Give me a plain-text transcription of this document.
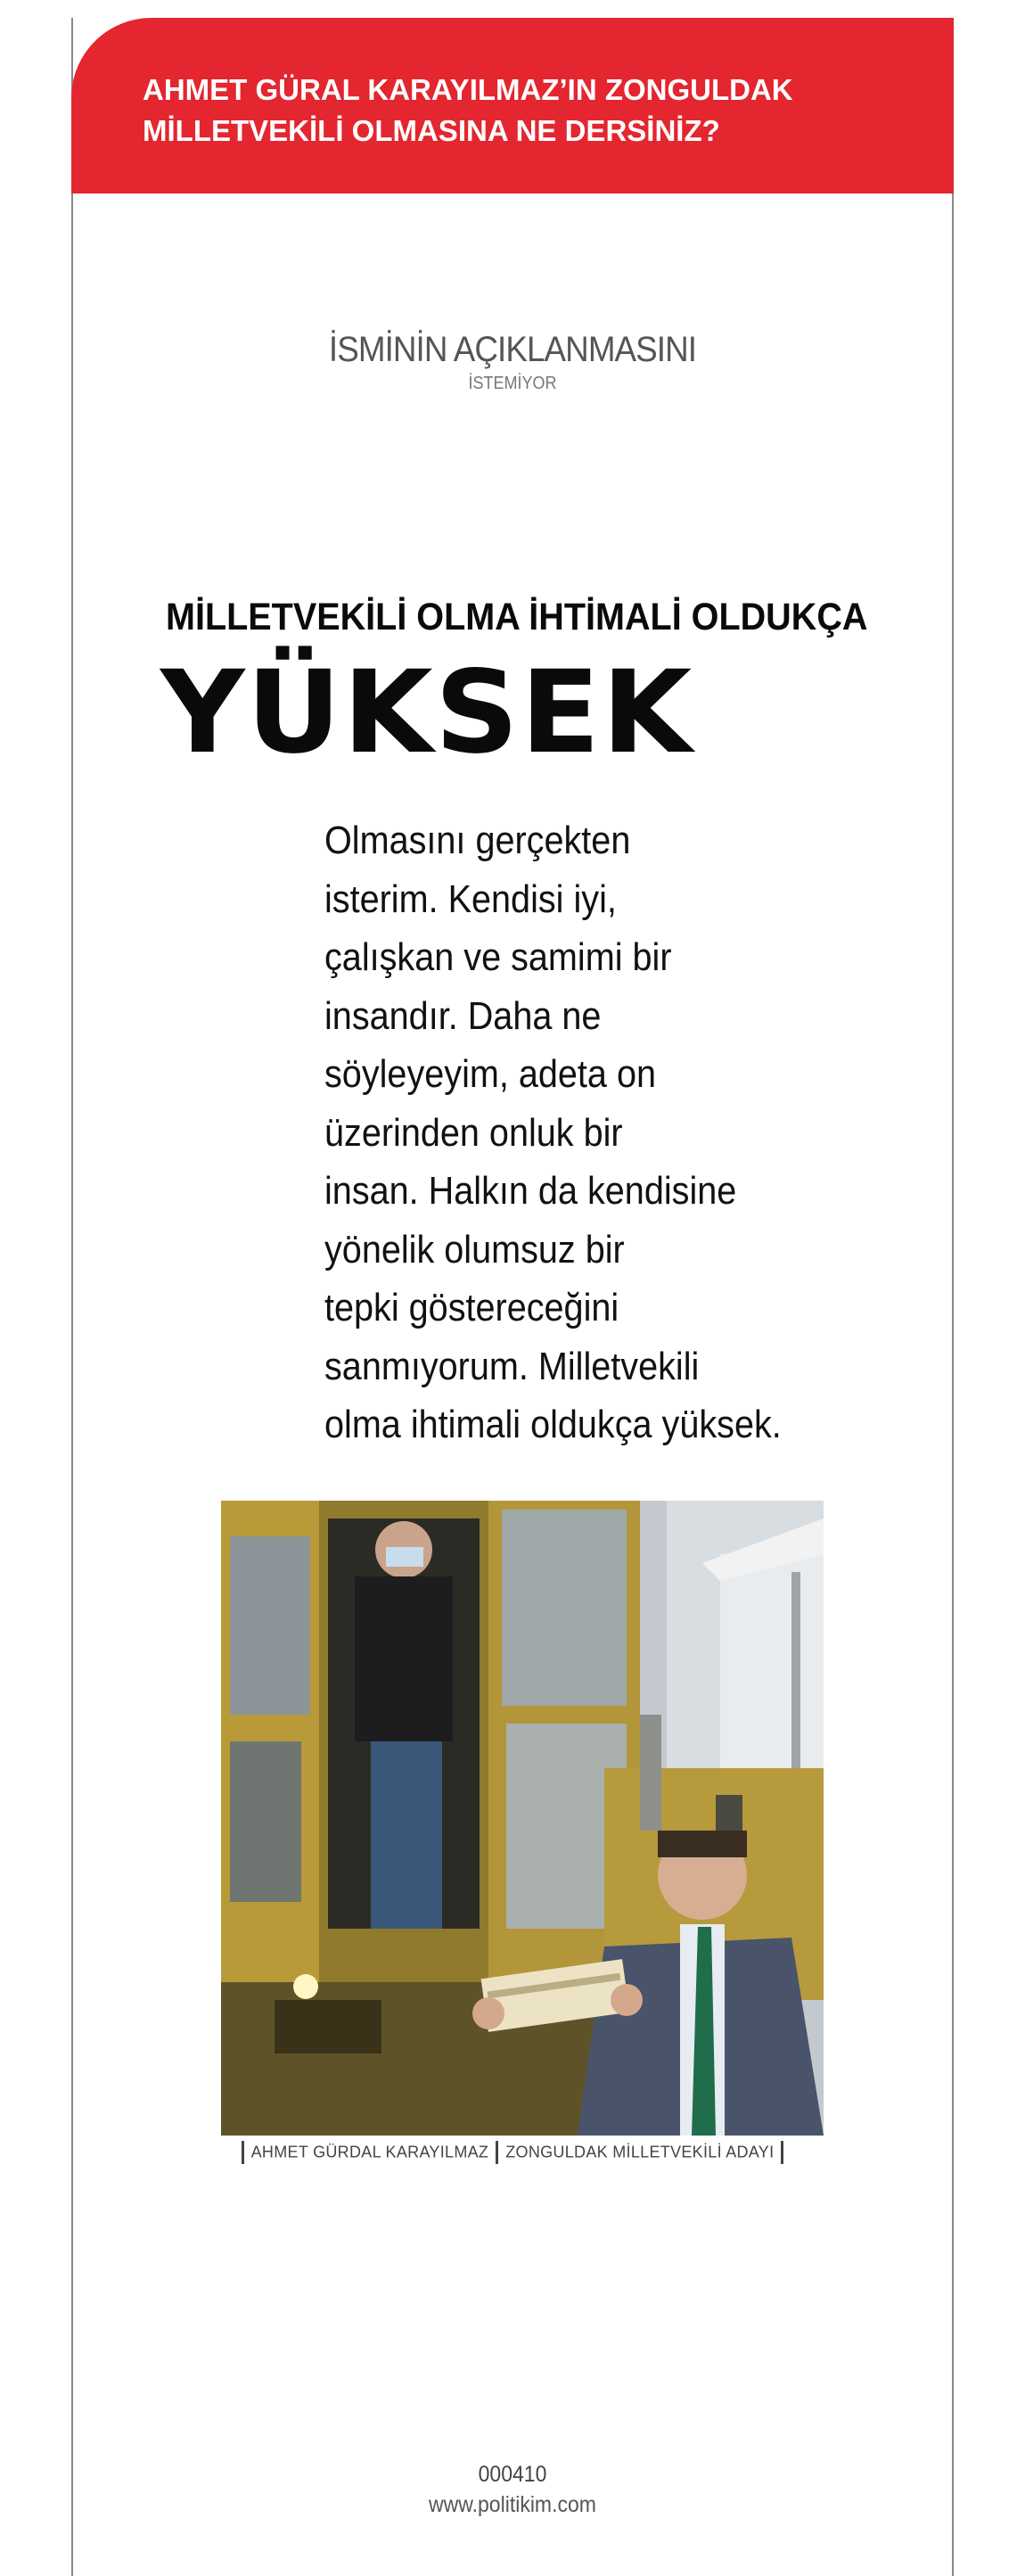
AHMET GÜRAL KARAYILMAZ’IN ZONGULDAK
MİLLETVEKİLİ OLMASINA NE DERSİNİZ?
İSMİNİN AÇIKLANMASINI
İSTEMİYOR
MİLLETVEKİLİ OLMA İHTİMALİ OLDUKÇA
YÜKSEK
Olmasını gerçekten
isterim. Kendisi iyi,
çalışkan ve samimi bir
insandır. Daha ne
söyleyeyim, adeta on
üzerinden onluk bir
insan. Halkın da kendisine
yönelik olumsuz bir
tepki göstereceğini
sanmıyorum. Milletvekili
olma ihtimali oldukça yüksek.
AHMET GÜRDAL KARAYILMAZ ZONGULDAK MİLLETVEKİLİ ADAYI
000410
www.politikim.com
